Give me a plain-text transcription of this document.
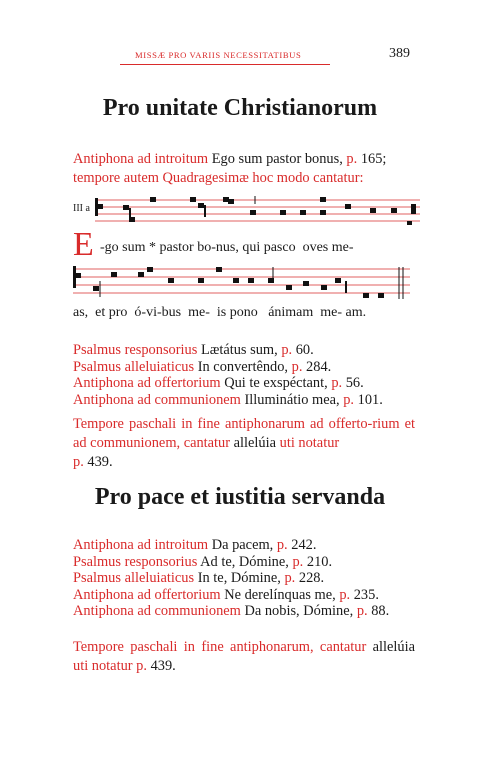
MISSÆ PRO VARIIS NECESSITATIBUS	389
Pro unitate Christianorum
Antiphona ad introitum Ego sum pastor bonus, p. 165;
tempore autem Quadragesimæ hoc modo cantatur:
III a
E -go sum * pastor bo-nus, qui pasco  oves me-
as,  et pro  ó-vi-bus  me-  is pono   ánimam  me- am.
Psalmus responsorius Lætátus sum, p. 60.
Psalmus alleluiaticus In convertêndo, p. 284.
Antiphona ad offertorium Qui te exspéctant, p. 56.
Antiphona ad communionem Illuminátio mea, p. 101.
Tempore paschali in fine antiphonarum ad offerto-rium et ad communionem, cantatur allelúia uti notatur
p. 439.
Pro pace et iustitia servanda
Antiphona ad introitum Da pacem, p. 242.
Psalmus responsorius Ad te, Dómine, p. 210.
Psalmus alleluiaticus In te, Dómine, p. 228.
Antiphona ad offertorium Ne derelínquas me, p. 235.
Antiphona ad communionem Da nobis, Dómine, p. 88.
Tempore paschali in fine antiphonarum, cantatur allelúia uti notatur p. 439.
